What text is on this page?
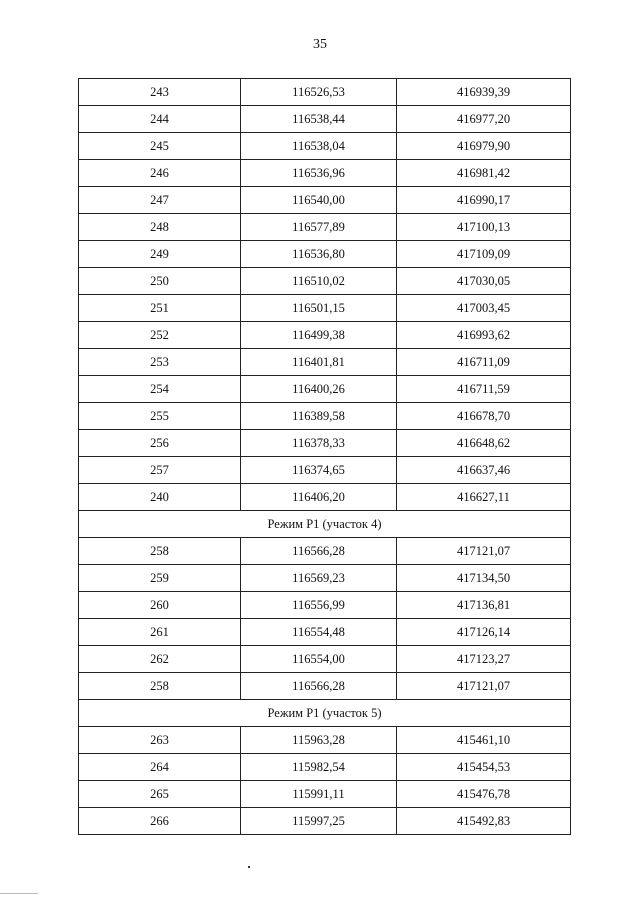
35
243	116526,53	416939,39
244	116538,44	416977,20
245	116538,04	416979,90
246	116536,96	416981,42
247	116540,00	416990,17
248	116577,89	417100,13
249	116536,80	417109,09
250	116510,02	417030,05
251	116501,15	417003,45
252	116499,38	416993,62
253	116401,81	416711,09
254	116400,26	416711,59
255	116389,58	416678,70
256	116378,33	416648,62
257	116374,65	416637,46
240	116406,20	416627,11
Режим Р1 (участок 4)		
258	116566,28	417121,07
259	116569,23	417134,50
260	116556,99	417136,81
261	116554,48	417126,14
262	116554,00	417123,27
258	116566,28	417121,07
Режим Р1 (участок 5)		
263	115963,28	415461,10
264	115982,54	415454,53
265	115991,11	415476,78
266	115997,25	415492,83
